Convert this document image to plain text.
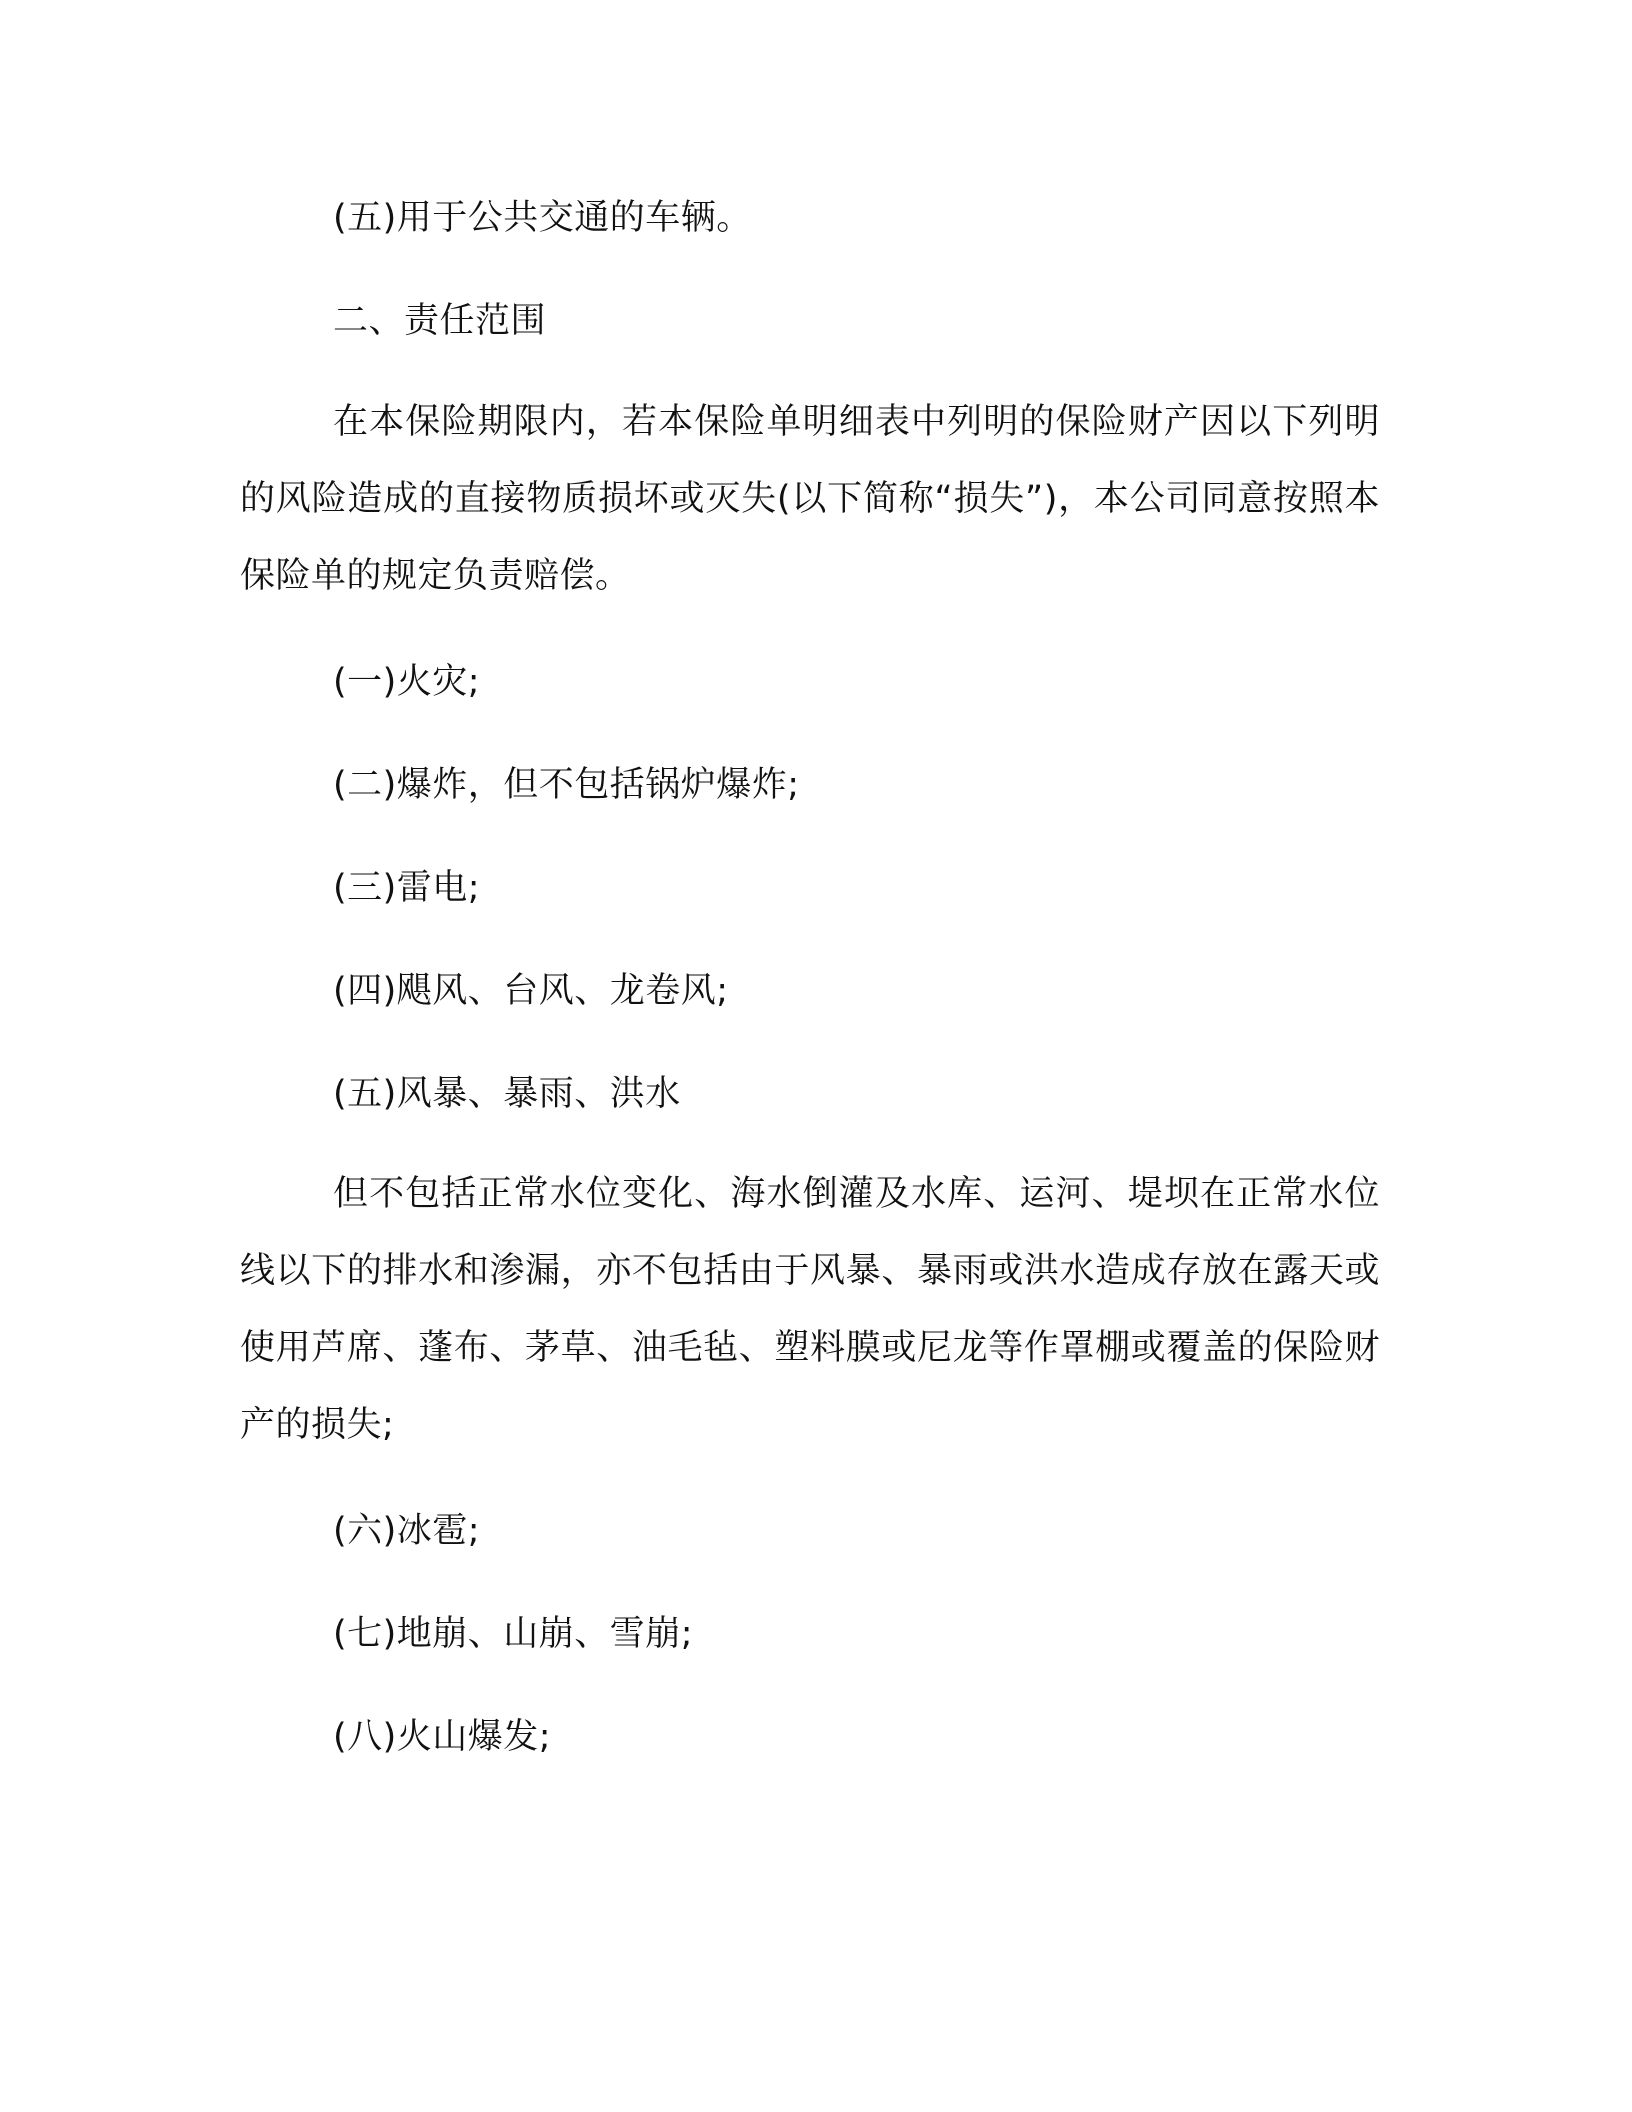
(五)用于公共交通的车辆。
二、责任范围
在本保险期限内，若本保险单明细表中列明的保险财产因以下列明的风险造成的直接物质损坏或灭失(以下简称“损失”)，本公司同意按照本保险单的规定负责赔偿。
(一)火灾;
(二)爆炸，但不包括锅炉爆炸;
(三)雷电;
(四)飓风、台风、龙卷风;
(五)风暴、暴雨、洪水
但不包括正常水位变化、海水倒灌及水库、运河、堤坝在正常水位线以下的排水和渗漏，亦不包括由于风暴、暴雨或洪水造成存放在露天或使用芦席、蓬布、茅草、油毛毡、塑料膜或尼龙等作罩棚或覆盖的保险财产的损失;
(六)冰雹;
(七)地崩、山崩、雪崩;
(八)火山爆发;
